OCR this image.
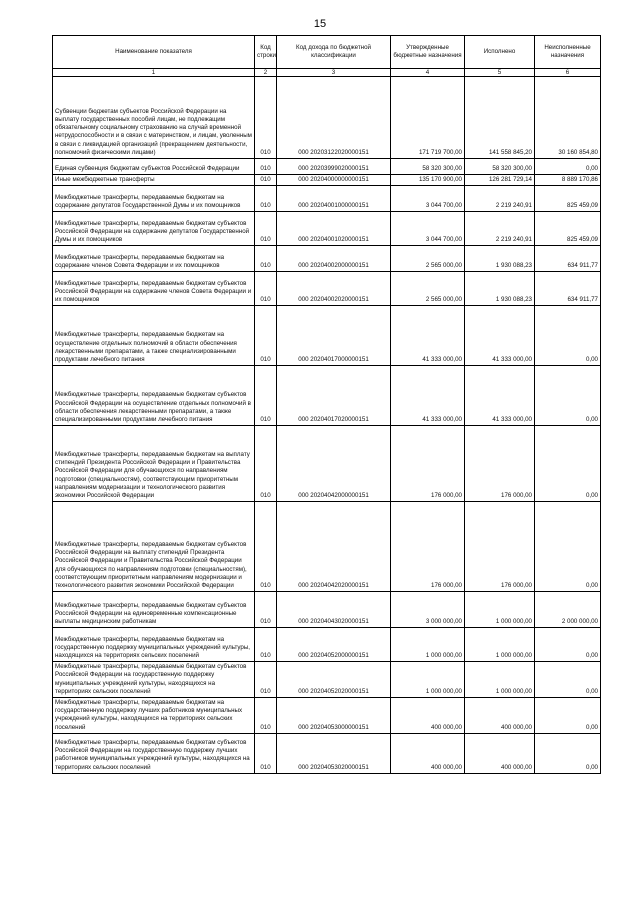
15
Наименование показателя	Код строки	Код дохода по бюджетной классификации	Утвержденные бюджетные назначения	Исполнено	Неисполненные назначения
1	2	3	4	5	6
Субвенции бюджетам субъектов Российской Федерации на выплату государственных пособий лицам, не подлежащим обязательному социальному страхованию на случай временной нетрудоспособности и в связи с материнством, и лицам, уволенным в связи с ликвидацией организаций (прекращением деятельности, полномочий физическими лицами)	010	000 20203122020000151	171 719 700,00	141 558 845,20	30 160 854,80
Единая субвенция бюджетам субъектов Российской Федерации	010	000 20203999020000151	58 320 300,00	58 320 300,00	0,00
Иные межбюджетные трансферты	010	000 20204000000000151	135 170 900,00	126 281 729,14	8 889 170,86
Межбюджетные трансферты, передаваемые бюджетам на содержание депутатов Государственной Думы и их помощников	010	000 20204001000000151	3 044 700,00	2 219 240,91	825 459,09
Межбюджетные трансферты, передаваемые бюджетам субъектов Российской Федерации на содержание депутатов Государственной Думы и их помощников	010	000 20204001020000151	3 044 700,00	2 219 240,91	825 459,09
Межбюджетные трансферты, передаваемые бюджетам на содержание членов Совета Федерации и их помощников	010	000 20204002000000151	2 565 000,00	1 930 088,23	634 911,77
Межбюджетные трансферты, передаваемые бюджетам субъектов Российской Федерации на содержание членов Совета Федерации и их помощников	010	000 20204002020000151	2 565 000,00	1 930 088,23	634 911,77
Межбюджетные трансферты, передаваемые бюджетам на осуществление отдельных полномочий в области обеспечения лекарственными препаратами, а также специализированными продуктами лечебного питания	010	000 20204017000000151	41 333 000,00	41 333 000,00	0,00
Межбюджетные трансферты, передаваемые бюджетам субъектов Российской Федерации на осуществление отдельных полномочий в области обеспечения лекарственными препаратами, а также специализированными продуктами лечебного питания	010	000 20204017020000151	41 333 000,00	41 333 000,00	0,00
Межбюджетные трансферты, передаваемые бюджетам на выплату стипендий Президента Российской Федерации и Правительства Российской Федерации для обучающихся по направлениям подготовки (специальностям), соответствующим приоритетным направлениям модернизации и технологического развития экономики Российской Федерации	010	000 20204042000000151	176 000,00	176 000,00	0,00
Межбюджетные трансферты, передаваемые бюджетам субъектов Российской Федерации на выплату стипендий Президента Российской Федерации и Правительства Российской Федерации для обучающихся по направлениям подготовки (специальностям), соответствующим приоритетным направлениям модернизации и технологического развития экономики Российской Федерации	010	000 20204042020000151	176 000,00	176 000,00	0,00
Межбюджетные трансферты, передаваемые бюджетам субъектов Российской Федерации на единовременные компенсационные выплаты медицинским работникам	010	000 20204043020000151	3 000 000,00	1 000 000,00	2 000 000,00
Межбюджетные трансферты, передаваемые бюджетам на государственную поддержку муниципальных учреждений культуры, находящихся на территориях сельских поселений	010	000 20204052000000151	1 000 000,00	1 000 000,00	0,00
Межбюджетные трансферты, передаваемые бюджетам субъектов Российской Федерации на государственную поддержку муниципальных учреждений культуры, находящихся на территориях сельских поселений	010	000 20204052020000151	1 000 000,00	1 000 000,00	0,00
Межбюджетные трансферты, передаваемые бюджетам на государственную поддержку лучших работников муниципальных учреждений культуры, находящихся на территориях сельских поселений	010	000 20204053000000151	400 000,00	400 000,00	0,00
Межбюджетные трансферты, передаваемые бюджетам субъектов Российской Федерации на государственную поддержку лучших работников муниципальных учреждений культуры, находящихся на территориях сельских поселений	010	000 20204053020000151	400 000,00	400 000,00	0,00
